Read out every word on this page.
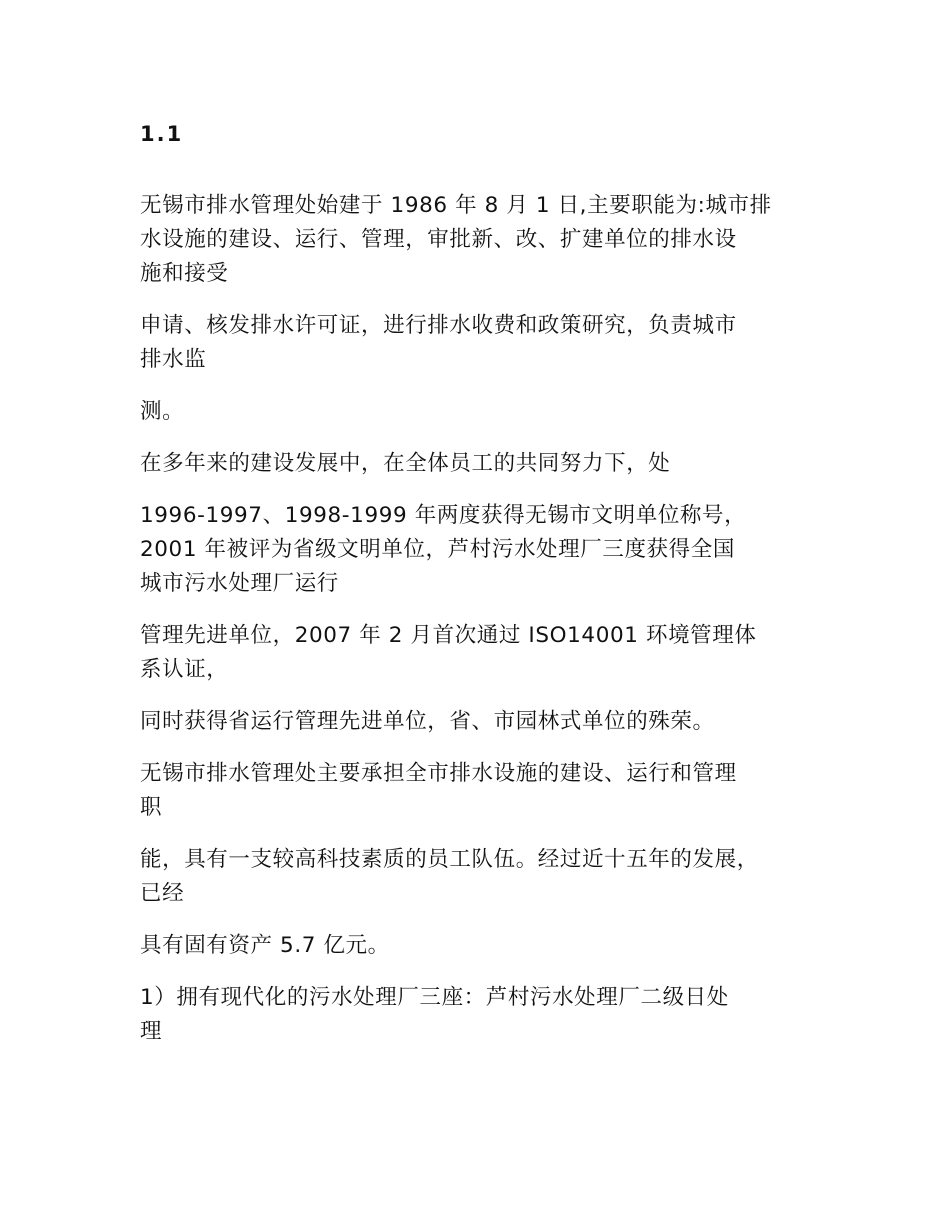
1.1

无锡市排水管理处始建于 1986 年 8 月 1 日,主要职能为:城市排
水设施的建设、运行、管理，审批新、改、扩建单位的排水设
施和接受

申请、核发排水许可证，进行排水收费和政策研究，负责城市
排水监

测。

在多年来的建设发展中，在全体员工的共同努力下，处

1996-1997、1998-1999 年两度获得无锡市文明单位称号，
2001 年被评为省级文明单位，芦村污水处理厂三度获得全国
城市污水处理厂运行

管理先进单位，2007 年 2 月首次通过 ISO14001 环境管理体
系认证，

同时获得省运行管理先进单位，省、市园林式单位的殊荣。

无锡市排水管理处主要承担全市排水设施的建设、运行和管理
职

能，具有一支较高科技素质的员工队伍。经过近十五年的发展，
已经

具有固有资产 5.7 亿元。

1）拥有现代化的污水处理厂三座：芦村污水处理厂二级日处
理
